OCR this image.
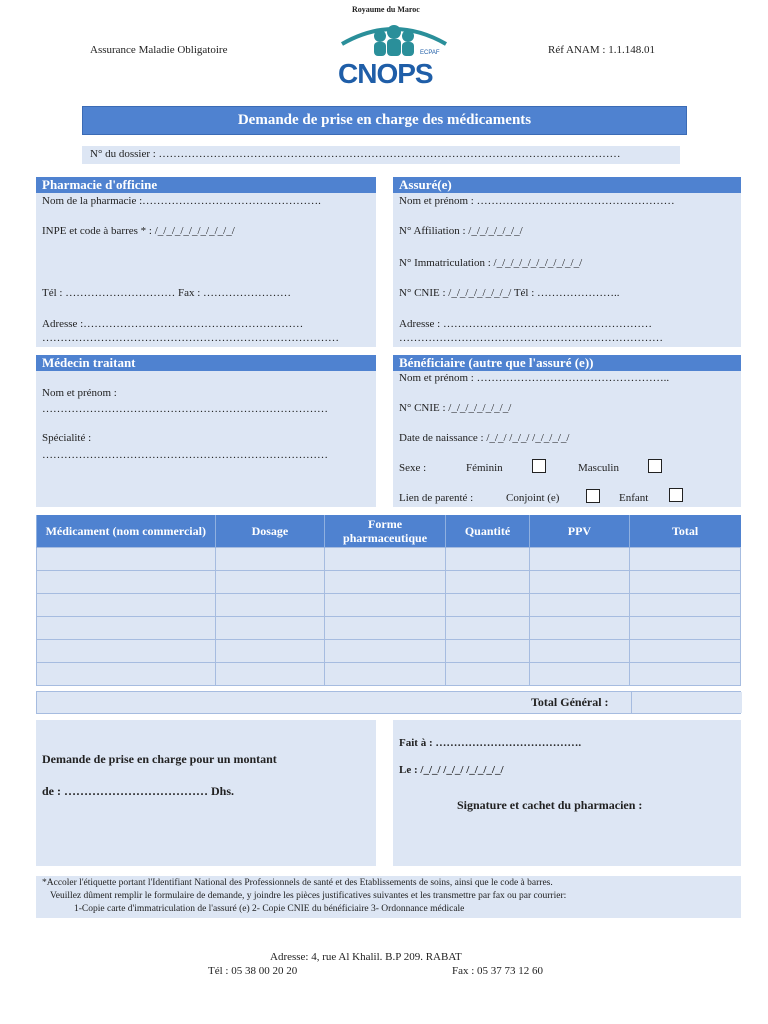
Assurance Maladie Obligatoire
Royaume du Maroc
CNOPS
ECPAF	Réf ANAM : 1.1.148.01
Demande de prise en charge des médicaments
N° du dossier : ………………………………………………………………………………………………………………
Pharmacie d'officine
Nom de la pharmacie :………………………………………….
INPE et code à barres * : /_/_/_/_/_/_/_/_/_/
Tél : ………………………… Fax : ……………………
Adresse :……………………………………………………
………………………………………………………………………
Assuré(e)
Nom et prénom : ………………………………………………
N° Affiliation : /_/_/_/_/_/_/
N° Immatriculation : /_/_/_/_/_/_/_/_/_/_/
N° CNIE : /_/_/_/_/_/_/_/ Tél : …………………..
Adresse : …………………………………………………
………………………………………………………………
Médecin traitant
Nom et prénom :
……………………………………………………………………
Spécialité :
……………………………………………………………………
Bénéficiaire (autre que l'assuré (e))
Nom et prénom : ……………………………………………..
N° CNIE : /_/_/_/_/_/_/_/
Date de naissance : /_/_/ /_/_/ /_/_/_/_/
Sexe :	Féminin	Masculin
Lien de parenté :	Conjoint (e)	Enfant
Médicament (nom commercial)	Dosage	Forme pharmaceutique	Quantité	PPV	Total

Total Général :
Demande de prise en charge pour un montant
de : ……………………………… Dhs.
Fait à : ………………………………….
Le : /_/_/ /_/_/ /_/_/_/_/
Signature et cachet du pharmacien :
*Accoler l'étiquette portant l'Identifiant National des Professionnels de santé et des Etablissements de soins, ainsi que le code à barres.
Veuillez dûment remplir le formulaire de demande, y joindre les pièces justificatives suivantes et les transmettre par fax ou par courrier:
1-Copie carte d'immatriculation de l'assuré (e) 2- Copie CNIE du bénéficiaire 3- Ordonnance médicale
Adresse: 4, rue Al Khalil. B.P 209. RABAT
Tél : 05 38 00 20 20	Fax : 05 37 73 12 60
